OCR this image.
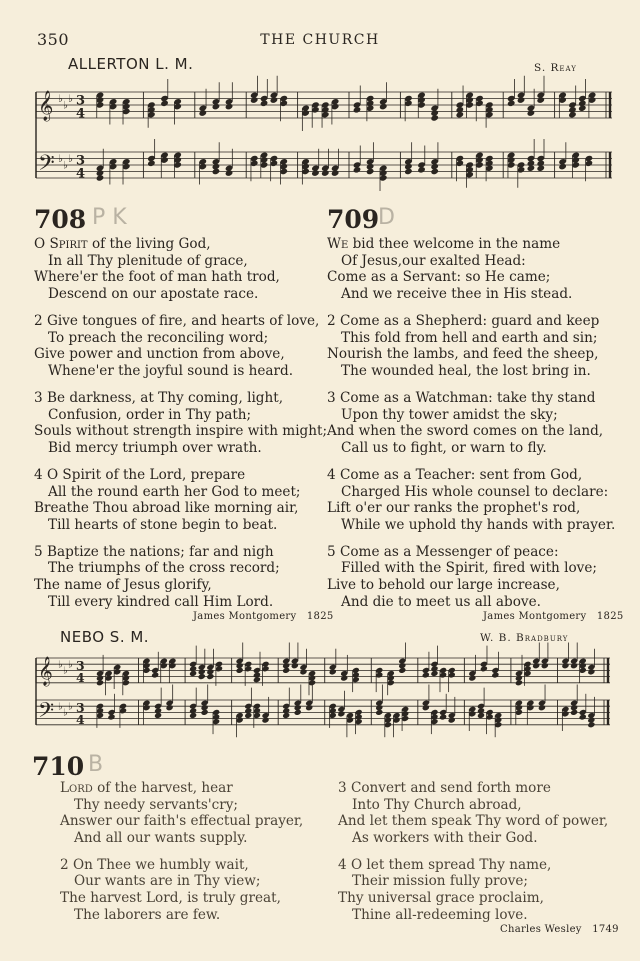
350	THE CHURCH
ALLERTON L. M.	S. Reay
𝄞 ♭
♭
♭ 3
4
𝄢 ♭
♭
♭ 3
4
708 P K
O Spirit of the living God,
In all Thy plenitude of grace,
Where'er the foot of man hath trod,
Descend on our apostate race.
2 Give tongues of fire, and hearts of love,
To preach the reconciling word;
Give power and unction from above,
Whene'er the joyful sound is heard.
3 Be darkness, at Thy coming, light,
Confusion, order in Thy path;
Souls without strength inspire with might;
Bid mercy triumph over wrath.
4 O Spirit of the Lord, prepare
All the round earth her God to meet;
Breathe Thou abroad like morning air,
Till hearts of stone begin to beat.
5 Baptize the nations; far and nigh
The triumphs of the cross record;
The name of Jesus glorify,
Till every kindred call Him Lord.
James Montgomery 1825
709
D
We bid thee welcome in the name
Of Jesus,our exalted Head:
Come as a Servant: so He came;
And we receive thee in His stead.
2 Come as a Shepherd: guard and keep
This fold from hell and earth and sin;
Nourish the lambs, and feed the sheep,
The wounded heal, the lost bring in.
3 Come as a Watchman: take thy stand
Upon thy tower amidst the sky;
And when the sword comes on the land,
Call us to fight, or warn to fly.
4 Come as a Teacher: sent from God,
Charged His whole counsel to declare:
Lift o'er our ranks the prophet's rod,
While we uphold thy hands with prayer.
5 Come as a Messenger of peace:
Filled with the Spirit, fired with love;
Live to behold our large increase,
And die to meet us all above.
James Montgomery 1825
NEBO S. M.	W. B. Bradbury
𝄞 ♭
♭
♭ 3
4
𝄢 ♭
♭
♭ 3
4
710 B
Lord of the harvest, hear
Thy needy servants'cry;
Answer our faith's effectual prayer,
And all our wants supply.
2 On Thee we humbly wait,
Our wants are in Thy view;
The harvest Lord, is truly great,
The laborers are few.
3 Convert and send forth more
Into Thy Church abroad,
And let them speak Thy word of power,
As workers with their God.
4 O let them spread Thy name,
Their mission fully prove;
Thy universal grace proclaim,
Thine all-redeeming love.
Charles Wesley 1749
